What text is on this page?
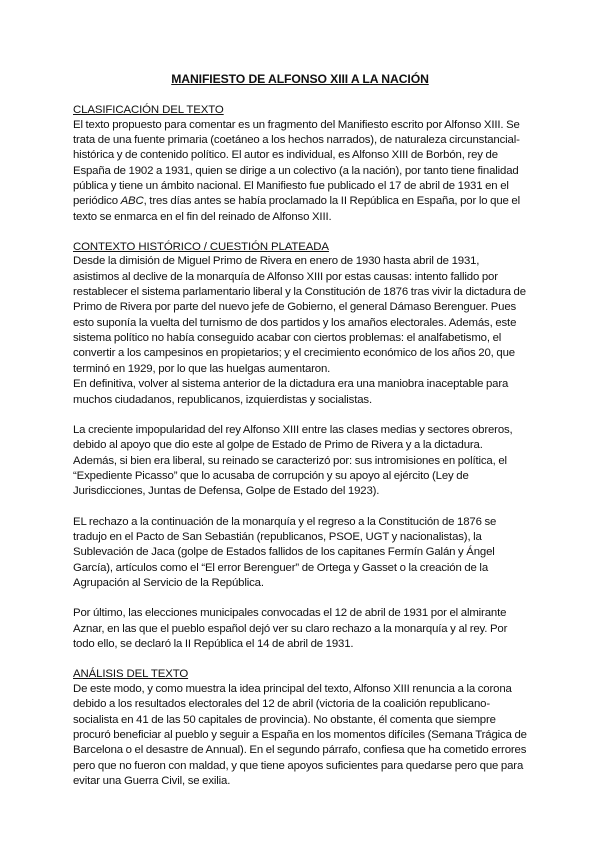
MANIFIESTO DE ALFONSO XIII A LA NACIÓN
CLASIFICACIÓN DEL TEXTO

El texto propuesto para comentar es un fragmento del Manifiesto escrito por Alfonso XIII. Se trata de una fuente primaria (coetáneo a los hechos narrados), de naturaleza circunstancial-histórica y de contenido político. El autor es individual, es Alfonso XIII de Borbón, rey de España de 1902 a 1931, quien se dirige a un colectivo (a la nación), por tanto tiene finalidad pública y tiene un ámbito nacional. El Manifiesto fue publicado el 17 de abril de 1931 en el periódico ABC, tres días antes se había proclamado la II República en España, por lo que el texto se enmarca en el fin del reinado de Alfonso XIII.

CONTEXTO HISTÓRICO / CUESTIÓN PLATEADA

Desde la dimisión de Miguel Primo de Rivera en enero de 1930 hasta abril de 1931, asistimos al declive de la monarquía de Alfonso XIII por estas causas: intento fallido por restablecer el sistema parlamentario liberal y la Constitución de 1876 tras vivir la dictadura de Primo de Rivera por parte del nuevo jefe de Gobierno, el general Dámaso Berenguer. Pues esto suponía la vuelta del turnismo de dos partidos y los amaños electorales. Además, este sistema político no había conseguido acabar con ciertos problemas: el analfabetismo, el convertir a los campesinos en propietarios; y el crecimiento económico de los años 20, que terminó en 1929, por lo que las huelgas aumentaron.

En definitiva, volver al sistema anterior de la dictadura era una maniobra inaceptable para muchos ciudadanos, republicanos, izquierdistas y socialistas.

La creciente impopularidad del rey Alfonso XIII entre las clases medias y sectores obreros, debido al apoyo que dio este al golpe de Estado de Primo de Rivera y a la dictadura. Además, si bien era liberal, su reinado se caracterizó por: sus intromisiones en política, el “Expediente Picasso” que lo acusaba de corrupción y su apoyo al ejército (Ley de Jurisdicciones, Juntas de Defensa, Golpe de Estado del 1923).

EL rechazo a la continuación de la monarquía y el regreso a la Constitución de 1876 se tradujo en el Pacto de San Sebastián (republicanos, PSOE, UGT y nacionalistas), la Sublevación de Jaca (golpe de Estados fallidos de los capitanes Fermín Galán y Ángel García), artículos como el “El error Berenguer” de Ortega y Gasset o la creación de la Agrupación al Servicio de la República.

Por último, las elecciones municipales convocadas el 12 de abril de 1931 por el almirante Aznar, en las que el pueblo español dejó ver su claro rechazo a la monarquía y al rey. Por todo ello, se declaró la II República el 14 de abril de 1931.

ANÁLISIS DEL TEXTO

De este modo, y como muestra la idea principal del texto, Alfonso XIII renuncia a la corona debido a los resultados electorales del 12 de abril (victoria de la coalición republicano-socialista en 41 de las 50 capitales de provincia). No obstante, él comenta que siempre procuró beneficiar al pueblo y seguir a España en los momentos difíciles (Semana Trágica de Barcelona o el desastre de Annual). En el segundo párrafo, confiesa que ha cometido errores pero que no fueron con maldad, y que tiene apoyos suficientes para quedarse pero que para evitar una Guerra Civil, se exilia.
